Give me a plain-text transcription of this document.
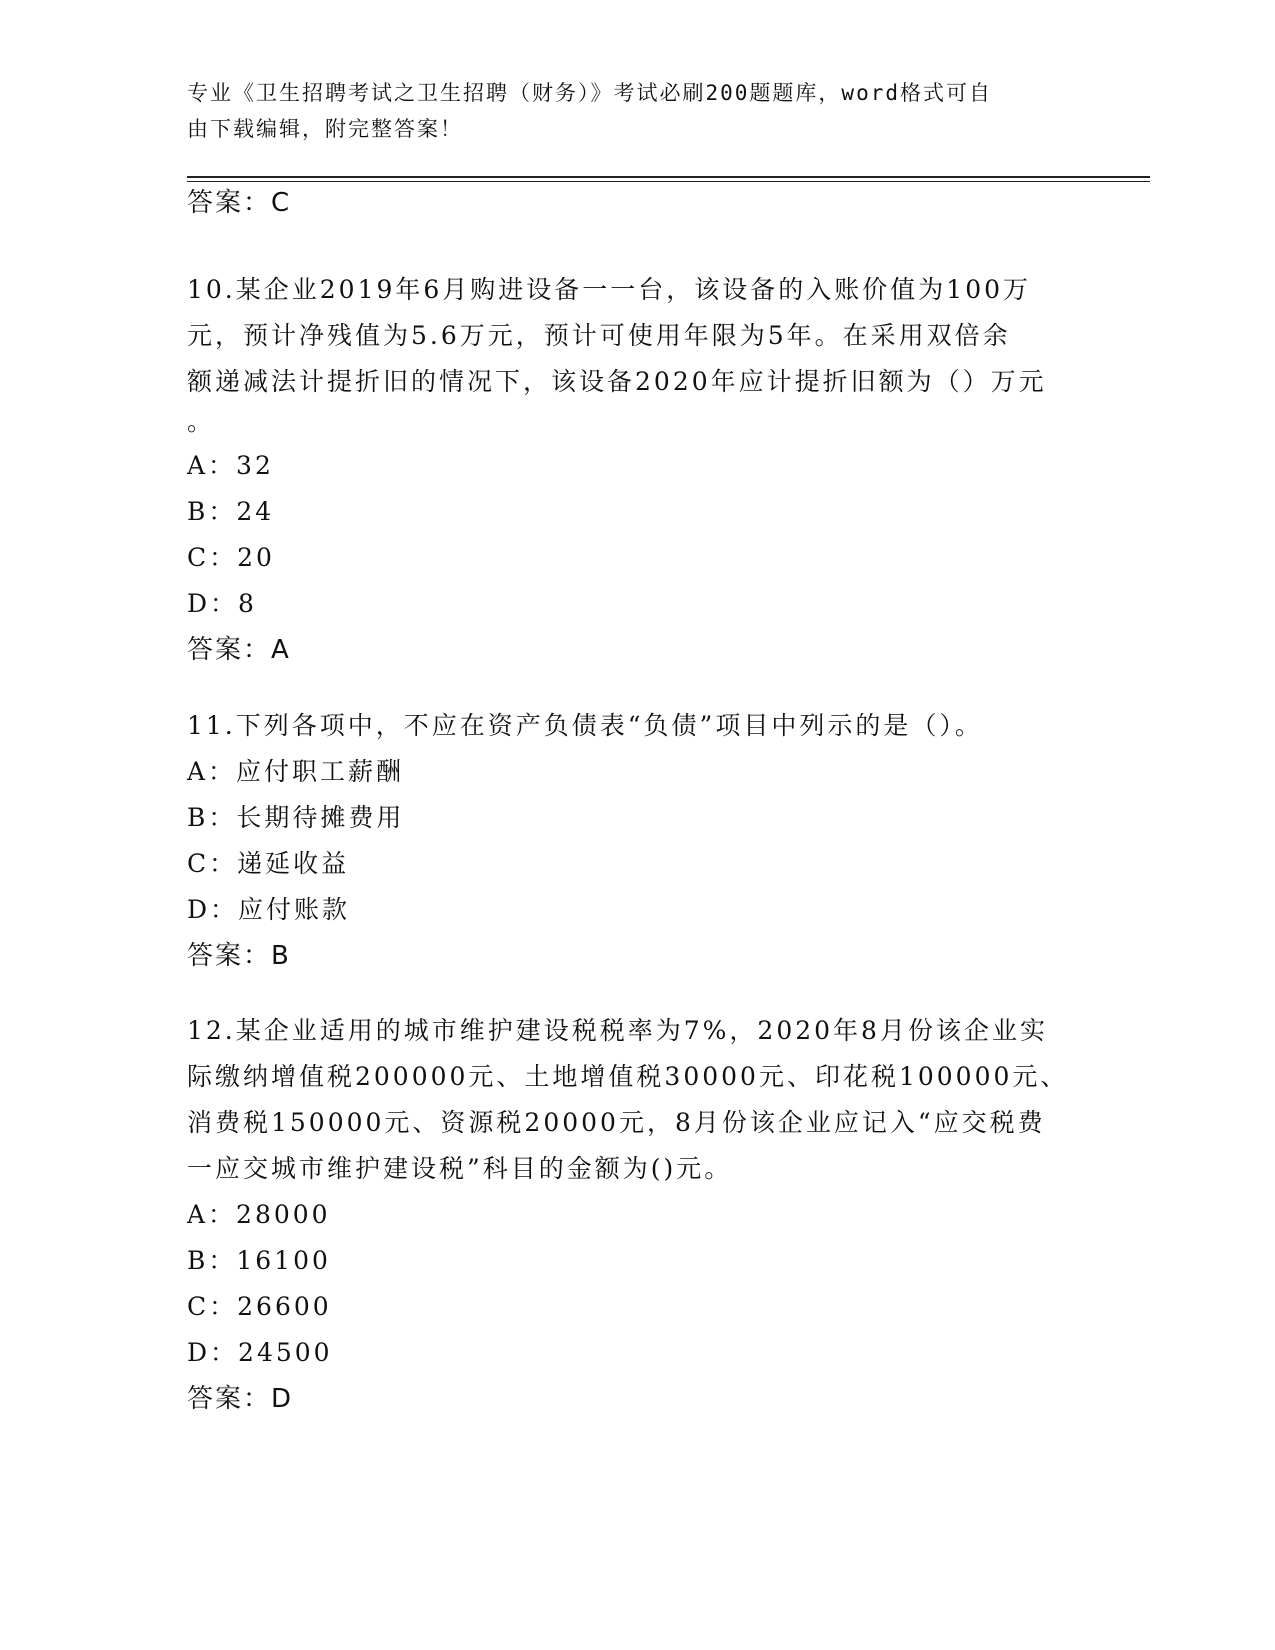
专业《卫生招聘考试之卫生招聘（财务）》考试必刷200题题库，word格式可自
由下载编辑，附完整答案！
答案：C
10.某企业2019年6月购进设备一一台，该设备的入账价值为100万
元，预计净残值为5.6万元，预计可使用年限为5年。在采用双倍余
额递减法计提折旧的情况下，该设备2020年应计提折旧额为（）万元
。
A：32
B：24
C：20
D：8
答案：A
11.下列各项中，不应在资产负债表“负债”项目中列示的是（）。
A：应付职工薪酬
B：长期待摊费用
C：递延收益
D：应付账款
答案：B
12.某企业适用的城市维护建设税税率为7%，2020年8月份该企业实
际缴纳增值税200000元、土地增值税30000元、印花税100000元、
消费税150000元、资源税20000元，8月份该企业应记入“应交税费
一应交城市维护建设税”科目的金额为()元。
A：28000
B：16100
C：26600
D：24500
答案：D
